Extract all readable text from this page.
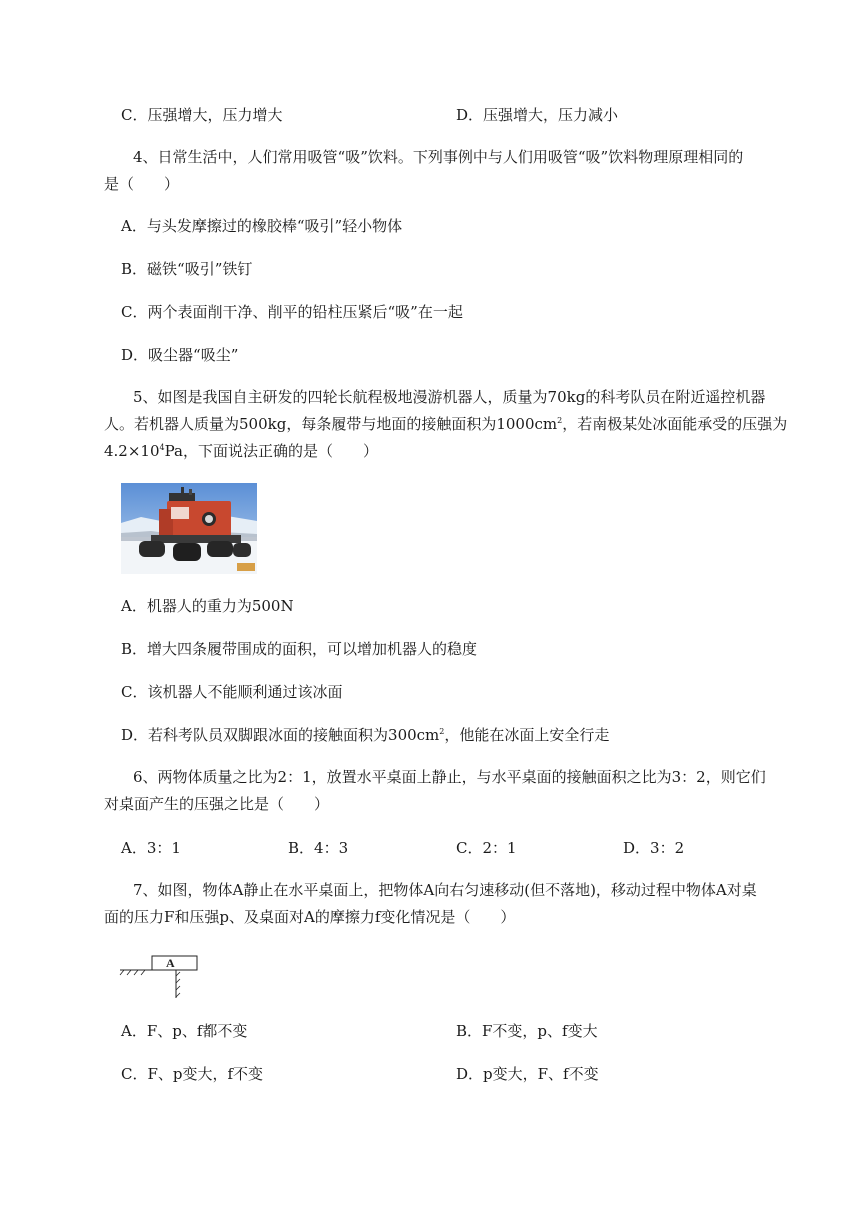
C．压强增大，压力增大	D．压强增大，压力减小
4、日常生活中，人们常用吸管“吸”饮料。下列事例中与人们用吸管“吸”饮料物理原理相同的
是（　　）
A．与头发摩擦过的橡胶棒“吸引”轻小物体
B．磁铁“吸引”铁钉
C．两个表面削干净、削平的铅柱压紧后“吸”在一起
D．吸尘器“吸尘”
5、如图是我国自主研发的四轮长航程极地漫游机器人，质量为70kg的科考队员在附近遥控机器
人。若机器人质量为500kg，每条履带与地面的接触面积为$1000cm^2$，若南极某处冰面能承受的压强为
$4.2\times 10^4Pa$，下面说法正确的是（　　）
A．机器人的重力为500N
B．增大四条履带围成的面积，可以增加机器人的稳度
C．该机器人不能顺利通过该冰面
D．若科考队员双脚跟冰面的接触面积为$300cm^2$，他能在冰面上安全行走
6、两物体质量之比为2：1，放置水平桌面上静止，与水平桌面的接触面积之比为3：2，则它们
对桌面产生的压强之比是（　　）
A．3：1	B．4：3	C．2：1	D．3：2
7、如图，物体A静止在水平桌面上，把物体A向右匀速移动(但不落地)，移动过程中物体A对桌
面的压力F和压强p、及桌面对A的摩擦力f变化情况是（　　）
A
A．F、p、f都不变	B．F不变，p、f变大
C．F、p变大，f不变	D．p变大，F、f不变
